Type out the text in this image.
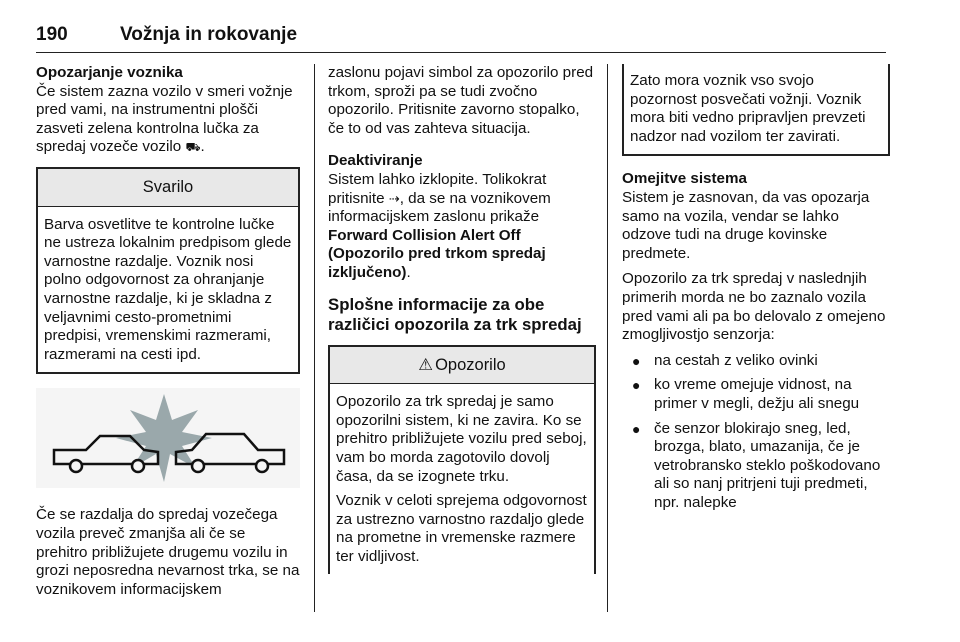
190	Vožnja in rokovanje

Opozarjanje voznika

Če sistem zazna vozilo v smeri vožnje pred vami, na instrumentni plošči zasveti zelena kontrolna lučka za spredaj vozeče vozilo ⛟.

Svarilo
Barva osvetlitve te kontrolne lučke ne ustreza lokalnim predpisom glede varnostne razdalje. Voznik nosi polno odgovornost za ohranjanje varnostne razdalje, ki je skladna z veljavnimi cesto-prometnimi predpisi, vremenskimi razmerami, razmerami na cesti ipd.

Če se razdalja do spredaj vozečega vozila preveč zmanjša ali če se prehitro približujete drugemu vozilu in grozi neposredna nevarnost trka, se na voznikovem informacijskem

zaslonu pojavi simbol za opozorilo pred trkom, sproži pa se tudi zvočno opozorilo. Pritisnite zavorno stopalko, če to od vas zahteva situacija.

Deaktiviranje

Sistem lahko izklopite. Tolikokrat pritisnite ⇢, da se na voznikovem informacijskem zaslonu prikaže Forward Collision Alert Off (Opozorilo pred trkom spredaj izključeno).

Splošne informacije za obe različici opozorila za trk spredaj

⚠ Opozorilo

Opozorilo za trk spredaj je samo opozorilni sistem, ki ne zavira. Ko se prehitro približujete vozilu pred seboj, vam bo morda zagotovilo dovolj časa, da se izognete trku.

Voznik v celoti sprejema odgovornost za ustrezno varnostno razdaljo glede na prometne in vremenske razmere ter vidljivost.

Zato mora voznik vso svojo pozornost posvečati vožnji. Voznik mora biti vedno pripravljen prevzeti nadzor nad vozilom ter zavirati.

Omejitve sistema

Sistem je zasnovan, da vas opozarja samo na vozila, vendar se lahko odzove tudi na druge kovinske predmete.

Opozorilo za trk spredaj v naslednjih primerih morda ne bo zaznalo vozila pred vami ali pa bo delovalo z omejeno zmogljivostjo senzorja:

● na cestah z veliko ovinki
● ko vreme omejuje vidnost, na primer v megli, dežju ali snegu
● če senzor blokirajo sneg, led, brozga, blato, umazanija, če je vetrobransko steklo poškodovano ali so nanj pritrjeni tuji predmeti, npr. nalepke
